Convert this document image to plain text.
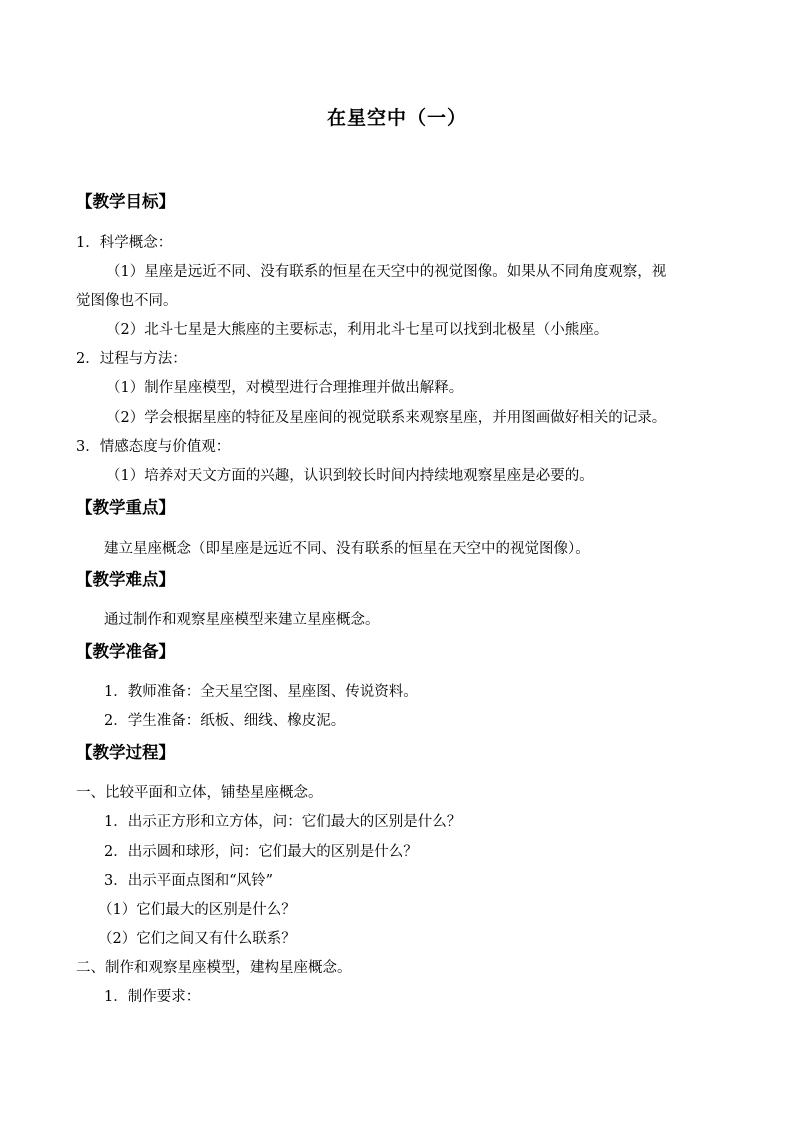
在星空中（一）
【教学目标】
1．科学概念：
（1）星座是远近不同、没有联系的恒星在天空中的视觉图像。如果从不同角度观察，视
觉图像也不同。
（2）北斗七星是大熊座的主要标志，利用北斗七星可以找到北极星（小熊座。
2．过程与方法：
（1）制作星座模型，对模型进行合理推理并做出解释。
（2）学会根据星座的特征及星座间的视觉联系来观察星座，并用图画做好相关的记录。
3．情感态度与价值观：
（1）培养对天文方面的兴趣，认识到较长时间内持续地观察星座是必要的。
【教学重点】
建立星座概念（即星座是远近不同、没有联系的恒星在天空中的视觉图像）。
【教学难点】
通过制作和观察星座模型来建立星座概念。
【教学准备】
1．教师准备：全天星空图、星座图、传说资料。
2．学生准备：纸板、细线、橡皮泥。
【教学过程】
一、比较平面和立体，铺垫星座概念。
1．出示正方形和立方体，问：它们最大的区别是什么？
2．出示圆和球形，问：它们最大的区别是什么？
3．出示平面点图和“风铃”
（1）它们最大的区别是什么？
（2）它们之间又有什么联系？
二、制作和观察星座模型，建构星座概念。
1．制作要求：
